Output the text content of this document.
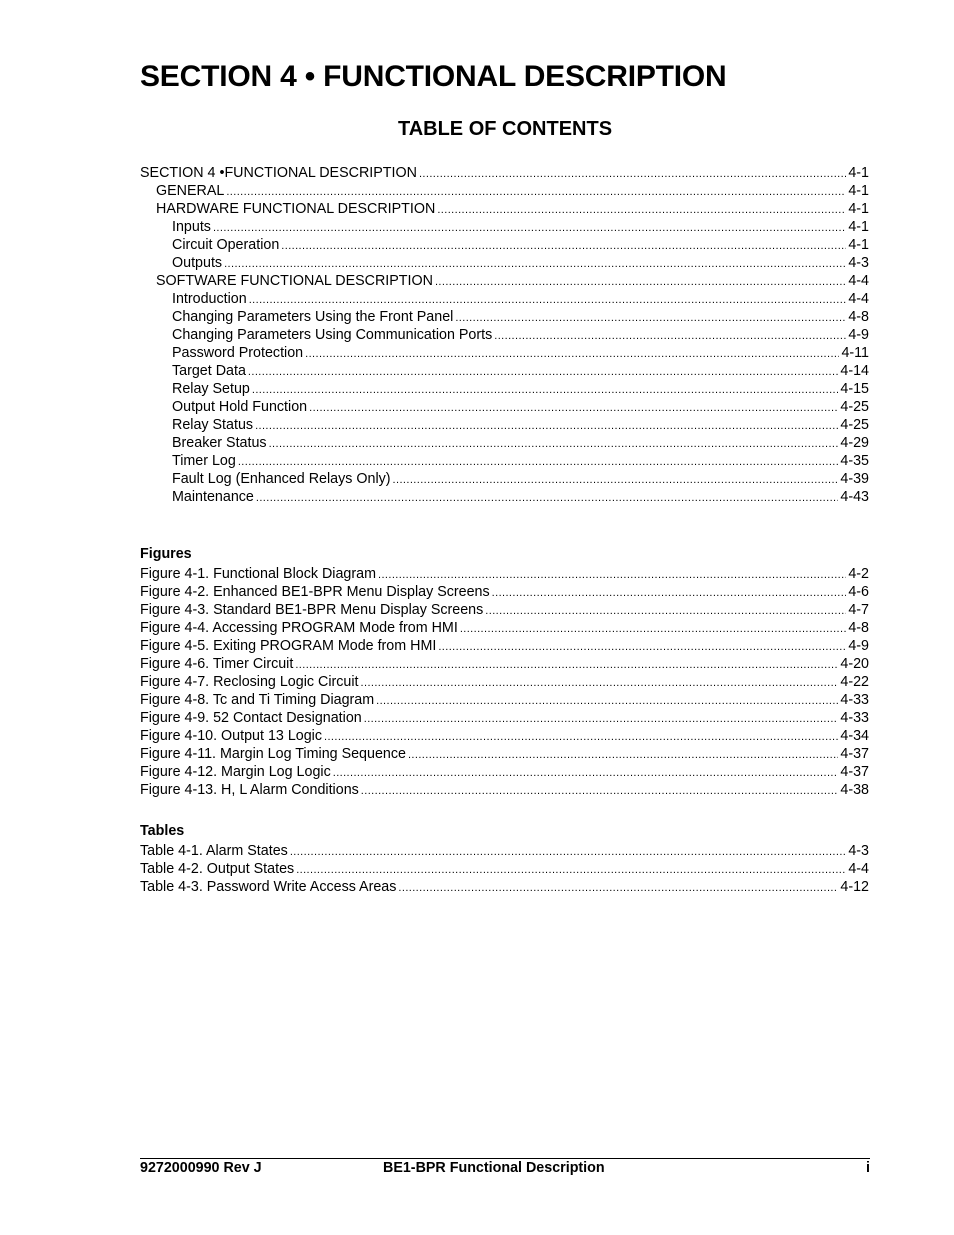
SECTION 4 • FUNCTIONAL DESCRIPTION
TABLE OF CONTENTS
SECTION 4 •FUNCTIONAL DESCRIPTION .....	4-1
GENERAL .....	4-1
HARDWARE FUNCTIONAL DESCRIPTION .....	4-1
Inputs .....	4-1
Circuit Operation .....	4-1
Outputs .....	4-3
SOFTWARE FUNCTIONAL DESCRIPTION .....	4-4
Introduction .....	4-4
Changing Parameters Using the Front Panel .....	4-8
Changing Parameters Using Communication Ports .....	4-9
Password Protection .....	4-11
Target Data .....	4-14
Relay Setup .....	4-15
Output Hold Function .....	4-25
Relay Status .....	4-25
Breaker Status .....	4-29
Timer Log .....	4-35
Fault Log (Enhanced Relays Only) .....	4-39
Maintenance .....	4-43
Figures
Figure 4-1. Functional Block Diagram .....	4-2
Figure 4-2. Enhanced BE1-BPR Menu Display Screens .....	4-6
Figure 4-3. Standard BE1-BPR Menu Display Screens .....	4-7
Figure 4-4. Accessing PROGRAM Mode from HMI .....	4-8
Figure 4-5. Exiting PROGRAM Mode from HMI .....	4-9
Figure 4-6. Timer Circuit .....	4-20
Figure 4-7. Reclosing Logic Circuit .....	4-22
Figure 4-8. Tc and Ti Timing Diagram .....	4-33
Figure 4-9. 52 Contact Designation .....	4-33
Figure 4-10. Output 13 Logic .....	4-34
Figure 4-11. Margin Log Timing Sequence .....	4-37
Figure 4-12. Margin Log Logic .....	4-37
Figure 4-13. H, L Alarm Conditions .....	4-38
Tables
Table 4-1. Alarm States .....	4-3
Table 4-2. Output States .....	4-4
Table 4-3. Password Write Access Areas .....	4-12
9272000990 Rev J	BE1-BPR Functional Description	i
